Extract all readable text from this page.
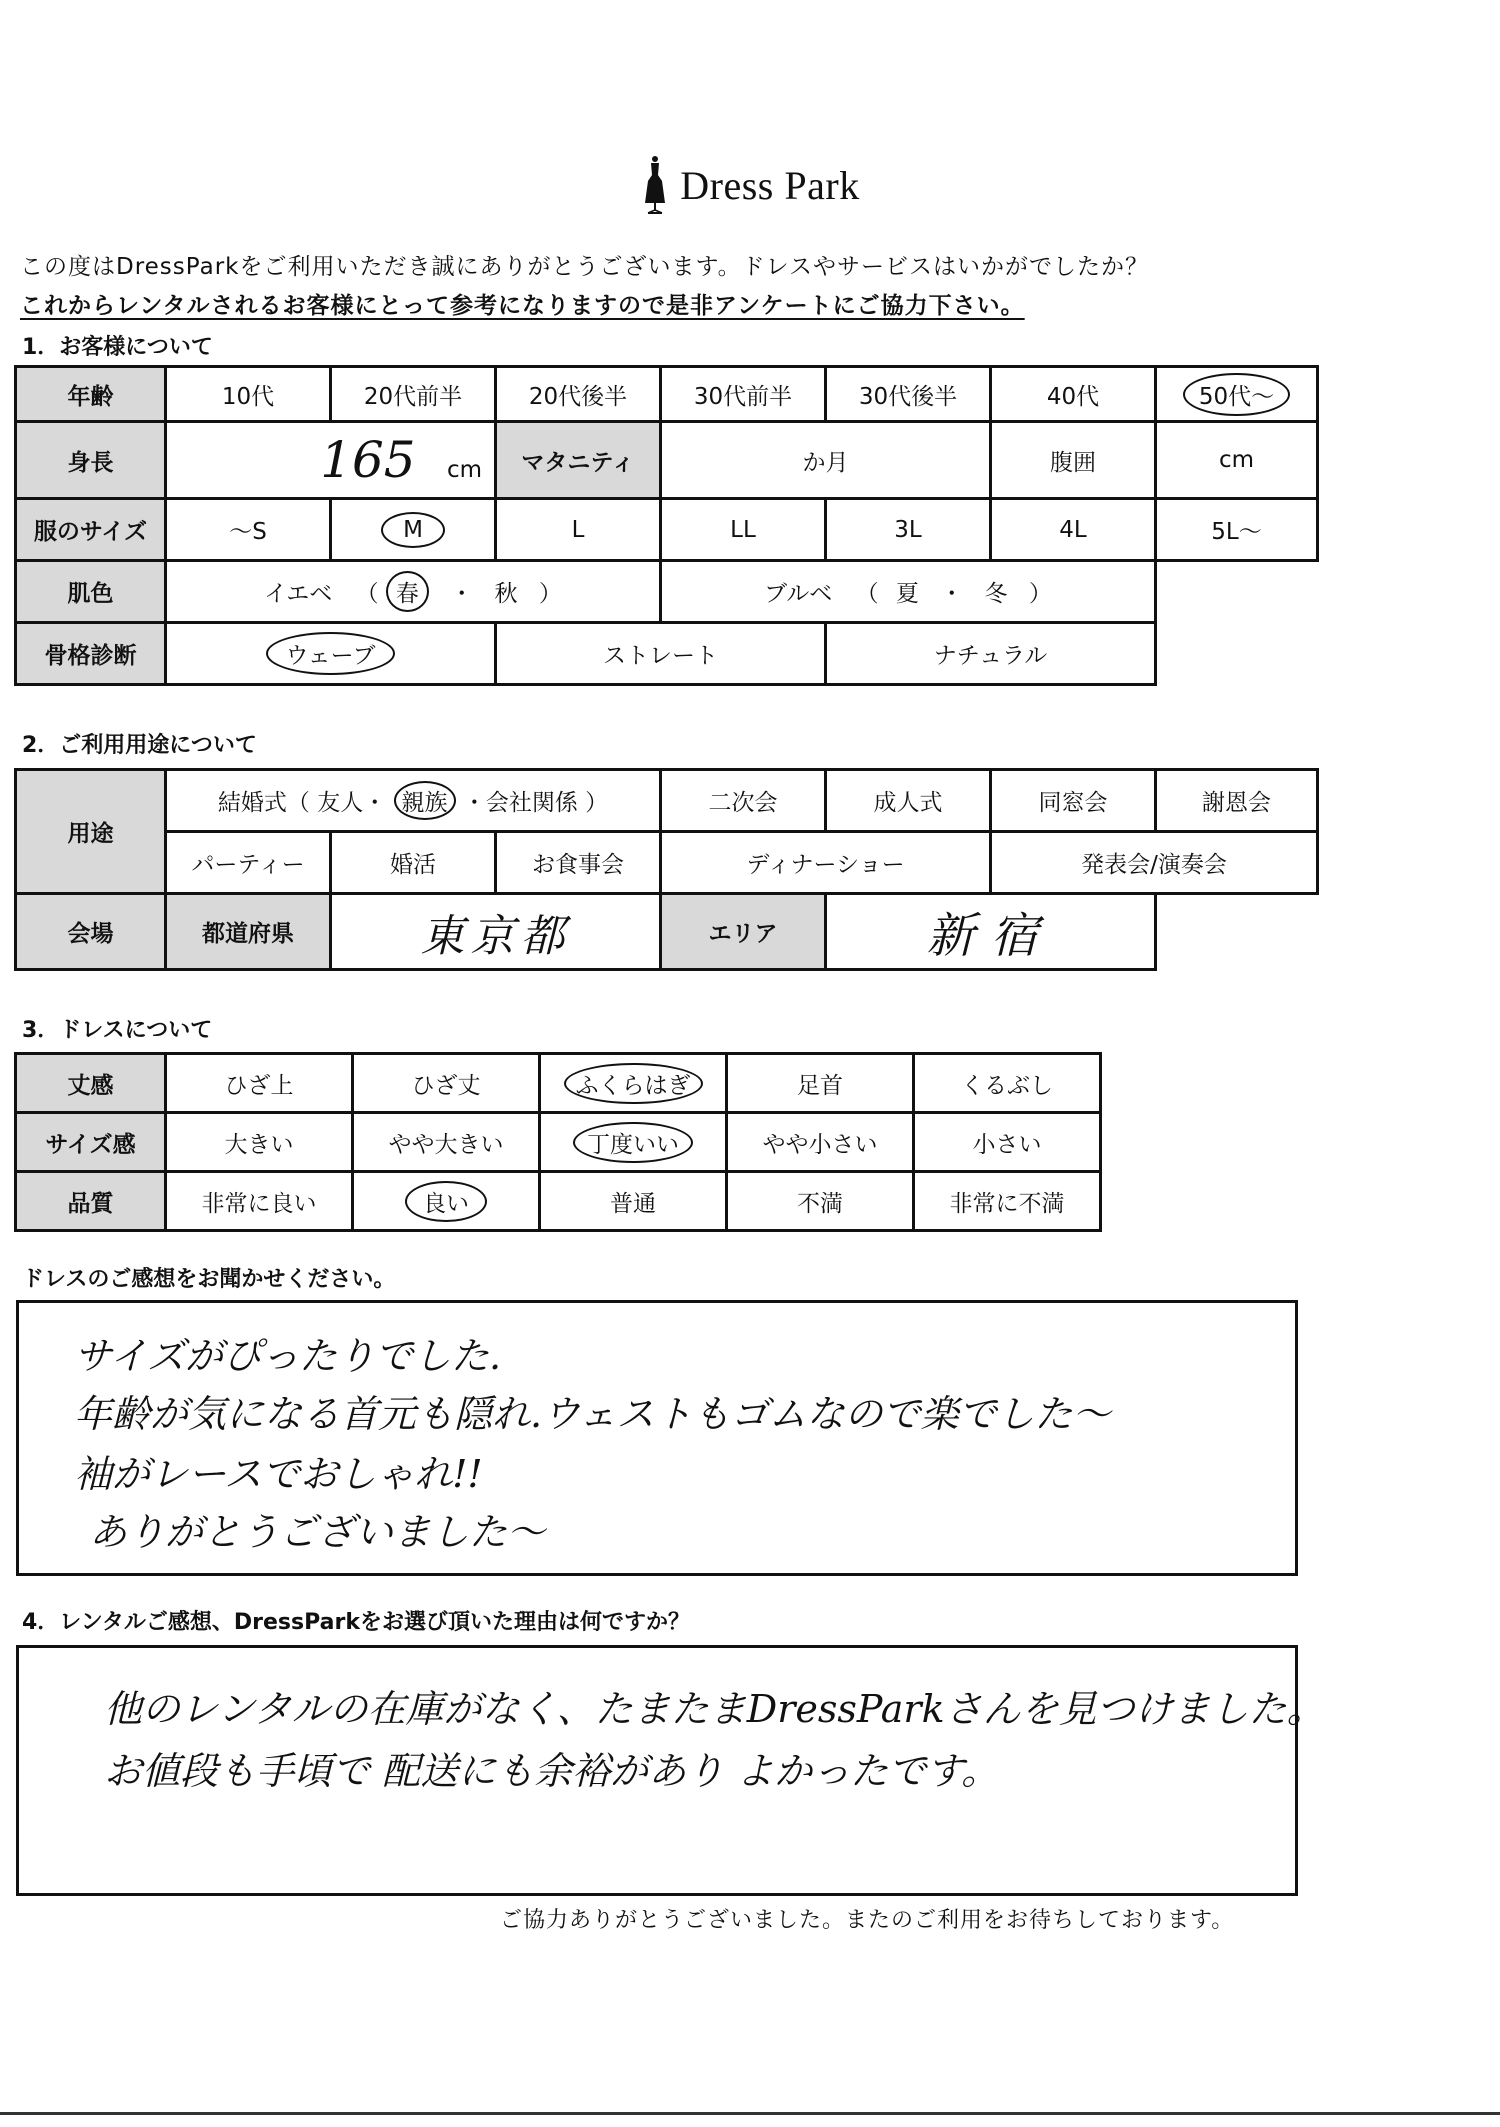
Dress Park
この度はDressParkをご利用いただき誠にありがとうございます。ドレスやサービスはいかがでしたか？
これからレンタルされるお客様にとって参考になりますので是非アンケートにご協力下さい。
1．お客様について
年齢	10代	20代前半	20代後半	30代前半	30代後半	40代	50代～
身長	165 cm		マタニティ	か月		腹囲	cm
服のサイズ	～S	M	L	LL	3L	4L	5L～
肌色	イエベ （ 春 ・ 秋 ）			ブルベ （ 夏 ・ 冬 ）			
骨格診断	ウェーブ		ストレート		ナチュラル		
2．ご利用用途について
用途	結婚式（ 友人・ 親族 ・会社関係 ）			二次会	成人式	同窓会	謝恩会
	パーティー	婚活	お食事会	ディナーショー		発表会/演奏会	
会場	都道府県	東京都		エリア	新宿		
3．ドレスについて
丈感	ひざ上	ひざ丈	ふくらはぎ	足首	くるぶし
サイズ感	大きい	やや大きい	丁度いい	やや小さい	小さい
品質	非常に良い	良い	普通	不満	非常に不満
ドレスのご感想をお聞かせください。
サイズがぴったりでした.
年齢が気になる首元も隠れ.ウェストもゴムなので楽でした～
袖がレースでおしゃれ!!
ありがとうございました～
4．レンタルご感想、DressParkをお選び頂いた理由は何ですか？
他のレンタルの在庫がなく、たまたまDressParkさんを見つけました。
お値段も手頃で 配送にも余裕があり よかったです。
ご協力ありがとうございました。またのご利用をお待ちしております。
